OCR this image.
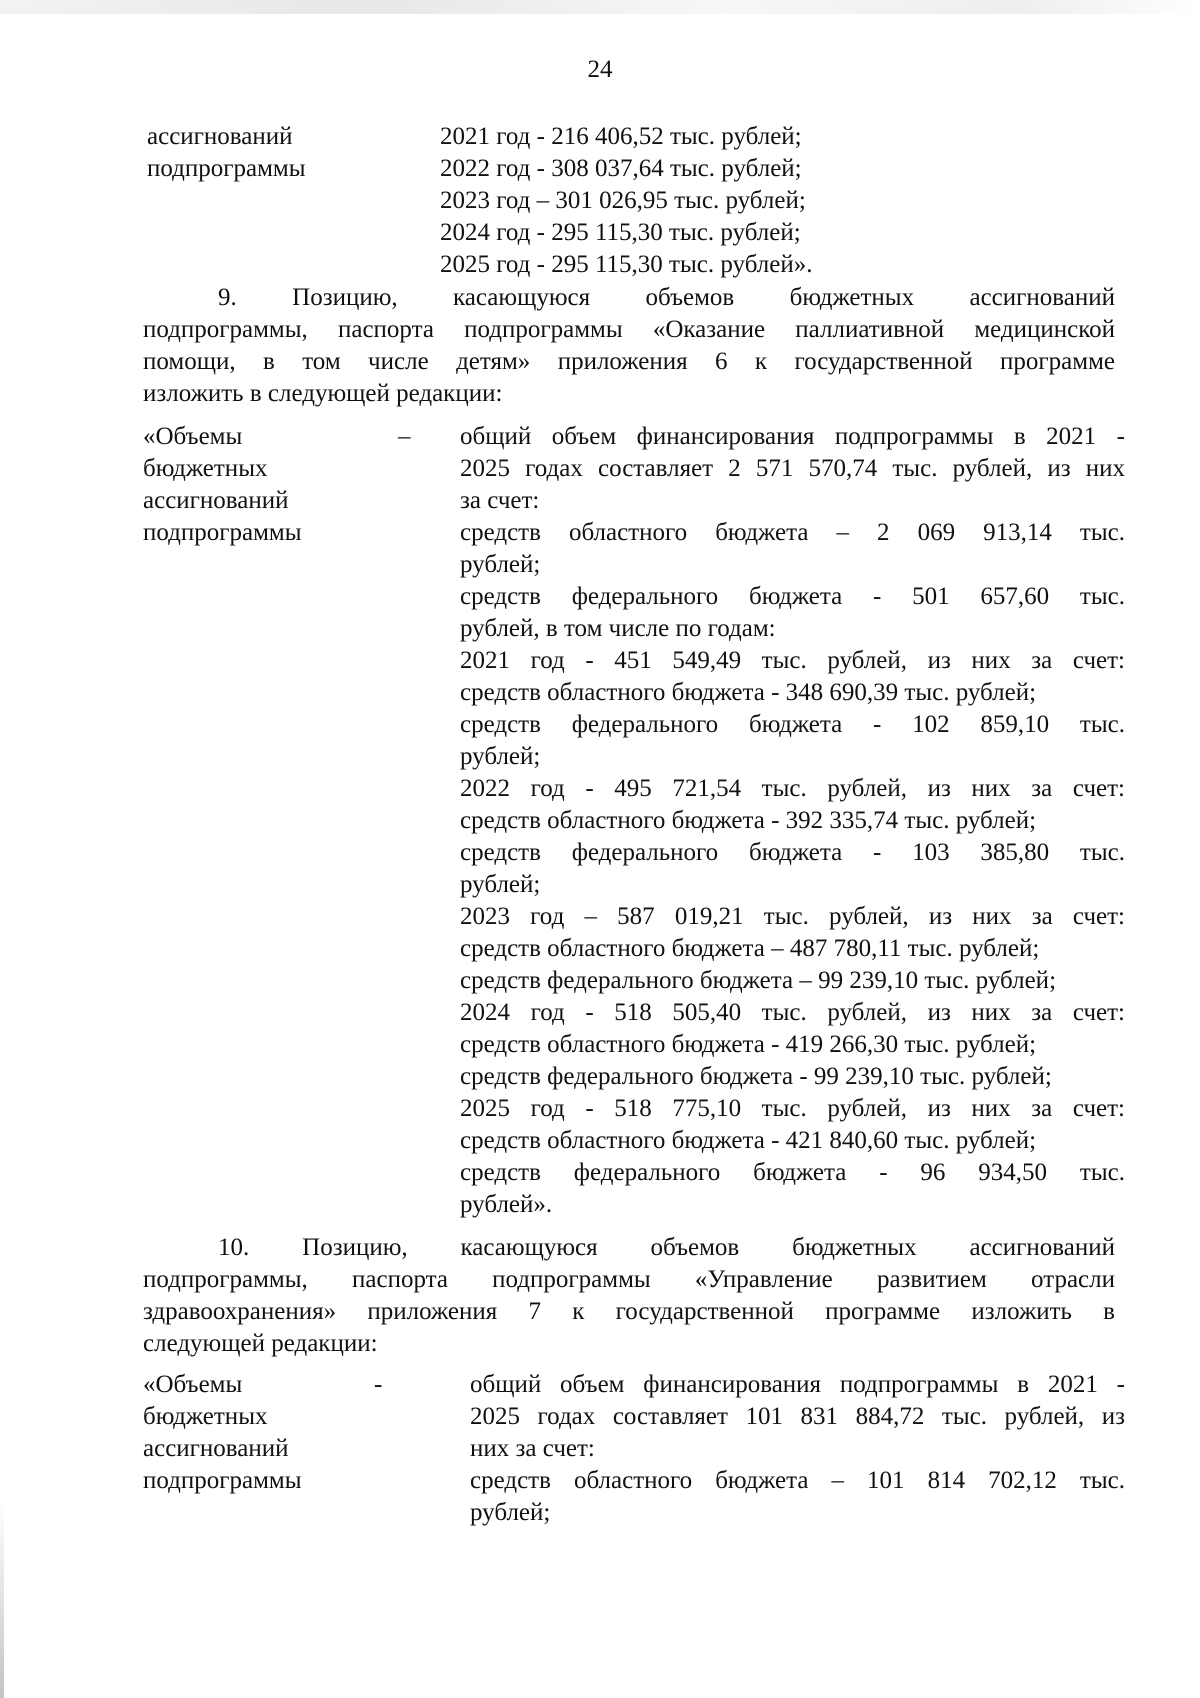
24
ассигнований
подпрограммы
2021 год - 216 406,52 тыс. рублей;
2022 год - 308 037,64 тыс. рублей;
2023 год – 301 026,95 тыс. рублей;
2024 год - 295 115,30 тыс. рублей;
2025 год - 295 115,30 тыс. рублей».
9. Позицию, касающуюся объемов бюджетных ассигнований
подпрограммы, паспорта подпрограммы «Оказание паллиативной медицинской
помощи, в том числе детям» приложения 6 к государственной программе
изложить в следующей редакции:
«Объемы
бюджетных
ассигнований
подпрограммы
– общий объем финансирования подпрограммы в 2021 -
2025 годах составляет 2 571 570,74 тыс. рублей, из них
за счет:
средств областного бюджета – 2 069 913,14 тыс.
рублей;
средств федерального бюджета - 501 657,60 тыс.
рублей, в том числе по годам:
2021 год - 451 549,49 тыс. рублей, из них за счет:
средств областного бюджета - 348 690,39 тыс. рублей;
средств федерального бюджета - 102 859,10 тыс.
рублей;
2022 год - 495 721,54 тыс. рублей, из них за счет:
средств областного бюджета - 392 335,74 тыс. рублей;
средств федерального бюджета - 103 385,80 тыс.
рублей;
2023 год – 587 019,21 тыс. рублей, из них за счет:
средств областного бюджета – 487 780,11 тыс. рублей;
средств федерального бюджета – 99 239,10 тыс. рублей;
2024 год - 518 505,40 тыс. рублей, из них за счет:
средств областного бюджета - 419 266,30 тыс. рублей;
средств федерального бюджета - 99 239,10 тыс. рублей;
2025 год - 518 775,10 тыс. рублей, из них за счет:
средств областного бюджета - 421 840,60 тыс. рублей;
средств федерального бюджета - 96 934,50 тыс.
рублей».
10. Позицию, касающуюся объемов бюджетных ассигнований
подпрограммы, паспорта подпрограммы «Управление развитием отрасли
здравоохранения» приложения 7 к государственной программе изложить в
следующей редакции:
«Объемы
бюджетных
ассигнований
подпрограммы
-	общий объем финансирования подпрограммы в 2021 -
2025 годах составляет 101 831 884,72 тыс. рублей, из
них за счет:
средств областного бюджета – 101 814 702,12 тыс.
рублей;
